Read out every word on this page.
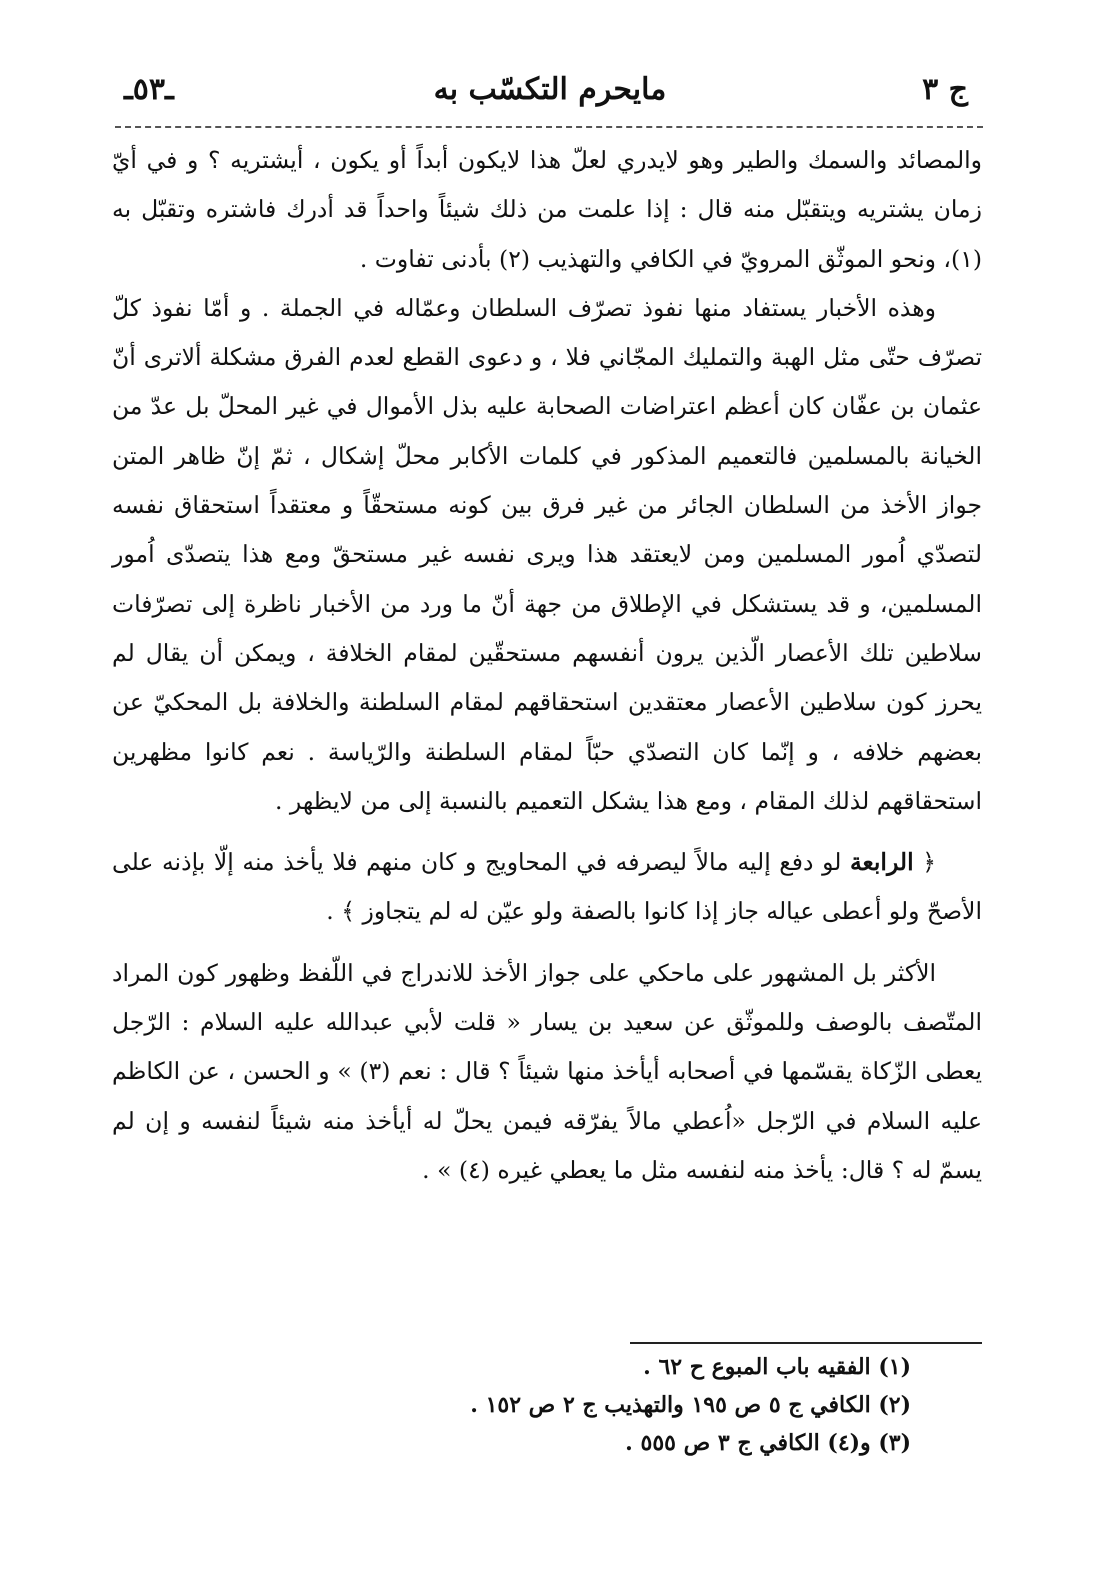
ج ٣
مايحرم التكسّب به
ـ٥٣ـ

والمصائد والسمك والطير وهو لايدري لعلّ هذا لايكون أبداً أو يكون ، أيشتريه ؟ و في أيّ زمان يشتريه ويتقبّل منه قال : إذا علمت من ذلك شيئاً واحداً قد أدرك فاشتره وتقبّل به (١)، ونحو الموثّق المرويّ في الكافي والتهذيب (٢) بأدنى تفاوت .

وهذه الأخبار يستفاد منها نفوذ تصرّف السلطان وعمّاله في الجملة . و أمّا نفوذ كلّ تصرّف حتّى مثل الهبة والتمليك المجّاني فلا ، و دعوى القطع لعدم الفرق مشكلة ألاترى أنّ عثمان بن عفّان كان أعظم اعتراضات الصحابة عليه بذل الأموال في غير المحلّ بل عدّ من الخيانة بالمسلمين فالتعميم المذكور في كلمات الأكابر محلّ إشكال ، ثمّ إنّ ظاهر المتن جواز الأخذ من السلطان الجائر من غير فرق بين كونه مستحقّاً و معتقداً استحقاق نفسه لتصدّي اُمور المسلمين ومن لايعتقد هذا ويرى نفسه غير مستحقّ ومع هذا يتصدّى اُمور المسلمين، و قد يستشكل في الإطلاق من جهة أنّ ما ورد من الأخبار ناظرة إلى تصرّفات سلاطين تلك الأعصار الّذين يرون أنفسهم مستحقّين لمقام الخلافة ، ويمكن أن يقال لم يحرز كون سلاطين الأعصار معتقدين استحقاقهم لمقام السلطنة والخلافة بل المحكيّ عن بعضهم خلافه ، و إنّما كان التصدّي حبّاً لمقام السلطنة والرّياسة . نعم كانوا مظهرين استحقاقهم لذلك المقام ، ومع هذا يشكل التعميم بالنسبة إلى من لايظهر .

﴿ الرابعة لو دفع إليه مالاً ليصرفه في المحاويج و كان منهم فلا يأخذ منه إلّا بإذنه على الأصحّ ولو أعطى عياله جاز إذا كانوا بالصفة ولو عيّن له لم يتجاوز ﴾ .

الأكثر بل المشهور على ماحكي على جواز الأخذ للاندراج في اللّفظ وظهور كون المراد المتّصف بالوصف وللموثّق عن سعيد بن يسار « قلت لأبي عبدالله عليه السلام : الرّجل يعطى الزّكاة يقسّمها في أصحابه أيأخذ منها شيئاً ؟ قال : نعم (٣) » و الحسن ، عن الكاظم عليه السلام في الرّجل «اُعطي مالاً يفرّقه فيمن يحلّ له أيأخذ منه شيئاً لنفسه و إن لم يسمّ له ؟ قال: يأخذ منه لنفسه مثل ما يعطي غيره (٤) » .

(١) الفقيه باب المبوع ح ٦٢ .
(٢) الكافي ج ٥ ص ١٩٥ والتهذيب ج ٢ ص ١٥٢ .
(٣) و(٤) الكافي ج ٣ ص ٥٥٥ .
